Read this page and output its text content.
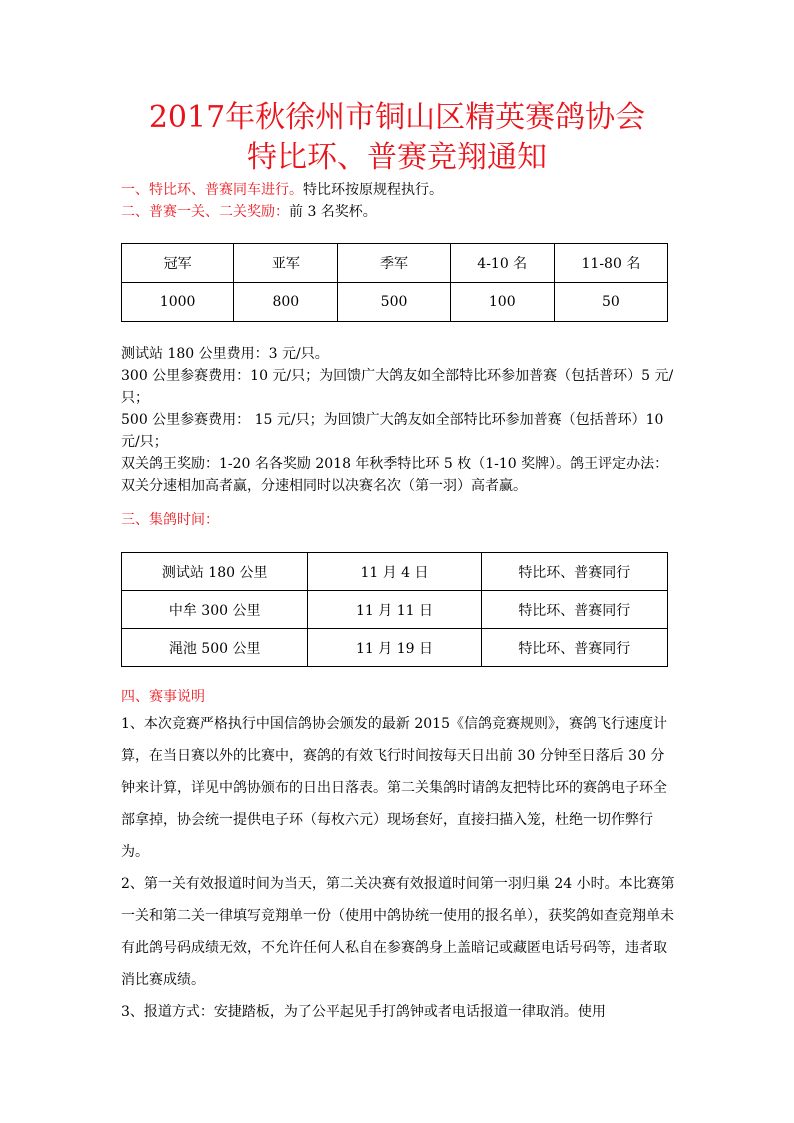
2017年秋徐州市铜山区精英赛鸽协会
特比环、普赛竞翔通知

一、特比环、普赛同车进行。特比环按原规程执行。

二、普赛一关、二关奖励：前 3 名奖杯。

冠军	亚军	季军	4-10 名	11-80 名
1000	800	500	100	50
测试站 180 公里费用：3 元/只。
300 公里参赛费用：10 元/只；为回馈广大鸽友如全部特比环参加普赛（包括普环）5 元/只；
500 公里参赛费用： 15 元/只；为回馈广大鸽友如全部特比环参加普赛（包括普环）10 元/只；
双关鸽王奖励：1-20 名各奖励 2018 年秋季特比环 5 枚（1-10 奖牌）。鸽王评定办法：双关分速相加高者赢，分速相同时以决赛名次（第一羽）高者赢。

三、集鸽时间：

测试站 180 公里	11 月 4 日	特比环、普赛同行
中牟 300 公里	11 月 11 日	特比环、普赛同行
渑池 500 公里	11 月 19 日	特比环、普赛同行

四、赛事说明

1、本次竞赛严格执行中国信鸽协会颁发的最新 2015《信鸽竞赛规则》，赛鸽飞行速度计算，在当日赛以外的比赛中，赛鸽的有效飞行时间按每天日出前 30 分钟至日落后 30 分钟来计算，详见中鸽协颁布的日出日落表。第二关集鸽时请鸽友把特比环的赛鸽电子环全部拿掉，协会统一提供电子环（每枚六元）现场套好，直接扫描入笼，杜绝一切作弊行为。
2、第一关有效报道时间为当天，第二关决赛有效报道时间第一羽归巢 24 小时。本比赛第一关和第二关一律填写竞翔单一份（使用中鸽协统一使用的报名单），获奖鸽如查竞翔单未有此鸽号码成绩无效，不允许任何人私自在参赛鸽身上盖暗记或藏匿电话号码等，违者取消比赛成绩。
3、报道方式：安捷踏板，为了公平起见手打鸽钟或者电话报道一律取消。使用
